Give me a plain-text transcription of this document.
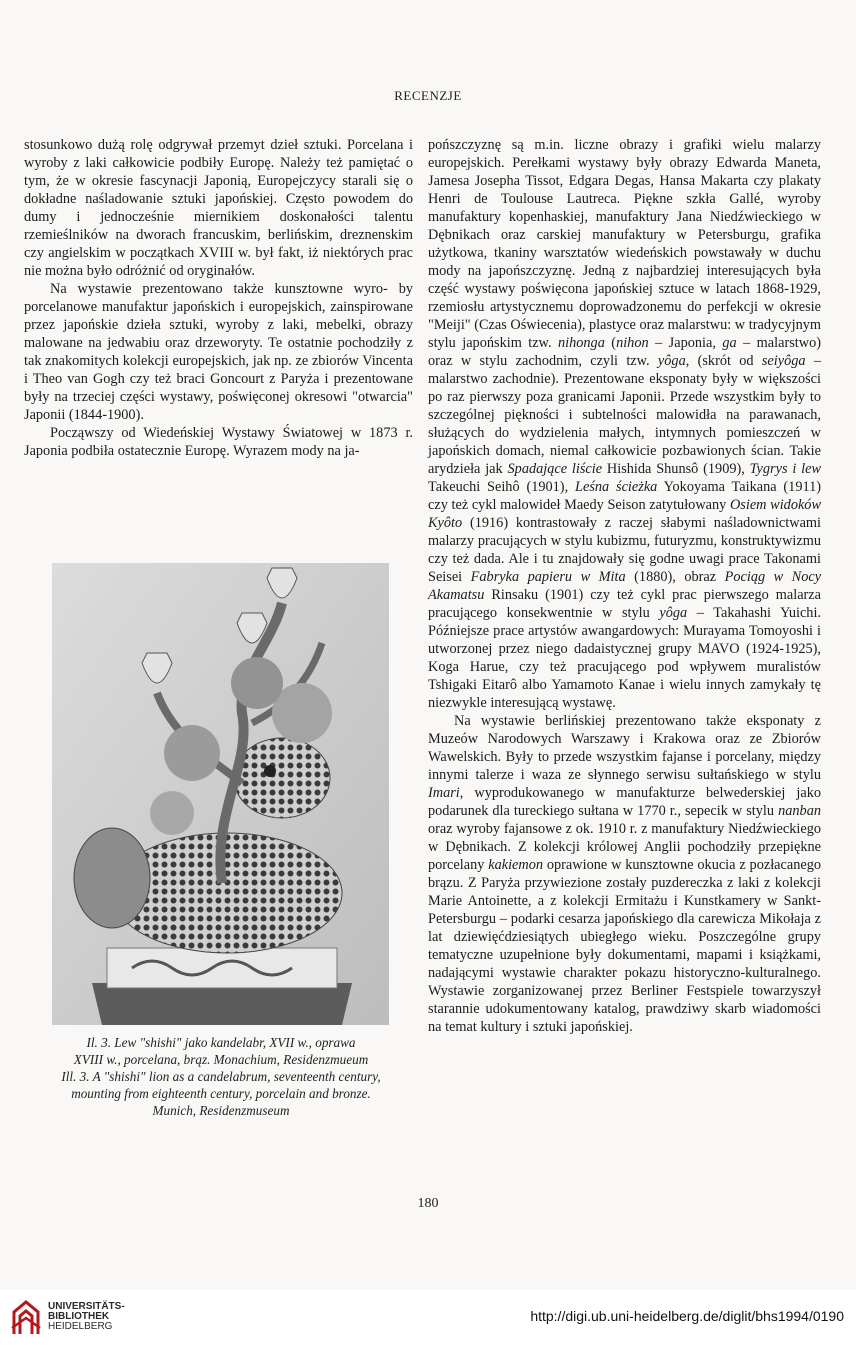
RECENZJE

stosunkowo dużą rolę odgrywał przemyt dzieł sztuki. Porcelana i wyroby z laki całkowicie podbiły Europę. Należy też pamiętać o tym, że w okresie fascynacji Japonią, Europejczycy starali się o dokładne naśladowanie sztuki japońskiej. Często powodem do dumy i jednocześnie miernikiem doskonałości talentu rzemieślników na dworach francuskim, berlińskim, dreznenskim czy angielskim w początkach XVIII w. był fakt, iż niektórych prac nie można było odróżnić od oryginałów.

Na wystawie prezentowano także kunsztowne wyro- by porcelanowe manufaktur japońskich i europejskich, zainspirowane przez japońskie dzieła sztuki, wyroby z laki, mebelki, obrazy malowane na jedwabiu oraz drzeworyty. Te ostatnie pochodziły z tak znakomitych kolekcji europejskich, jak np. ze zbiorów Vincenta i Theo van Gogh czy też braci Goncourt z Paryża i prezentowane były na trzeciej części wystawy, poświęconej okresowi "otwarcia" Japonii (1844-1900).

Począwszy od Wiedeńskiej Wystawy Światowej w 1873 r. Japonia podbiła ostatecznie Europę. Wyrazem mody na ja-

Il. 3. Lew "shishi" jako kandelabr, XVII w., oprawa
XVIII w., porcelana, brąz. Monachium, Residenzmueum
Ill. 3. A "shishi" lion as a candelabrum, seventeenth century,
mounting from eighteenth century, porcelain and bronze.
Munich, Residenzmuseum

pońszczyznę są m.in. liczne obrazy i grafiki wielu malarzy europejskich. Perełkami wystawy były obrazy Edwarda Maneta, Jamesa Josepha Tissot, Edgara Degas, Hansa Makarta czy plakaty Henri de Toulouse Lautreca. Piękne szkła Gallé, wyroby manufaktury kopenhaskiej, manufaktury Jana Niedźwieckiego w Dębnikach oraz carskiej manufaktury w Petersburgu, grafika użytkowa, tkaniny warsztatów wiedeńskich powstawały w duchu mody na japońszczyznę. Jedną z najbardziej interesujących była część wystawy poświęcona japońskiej sztuce w latach 1868-1929, rzemiosłu artystycznemu doprowadzonemu do perfekcji w okresie "Meiji" (Czas Oświecenia), plastyce oraz malarstwu: w tradycyjnym stylu japońskim tzw. nihonga (nihon – Japonia, ga – malarstwo) oraz w stylu zachodnim, czyli tzw. yôga, (skrót od seiyôga – malarstwo zachodnie). Prezentowane eksponaty były w większości po raz pierwszy poza granicami Japonii. Przede wszystkim były to szczególnej piękności i subtelności malowidła na parawanach, służących do wydzielenia małych, intymnych pomieszczeń w japońskich domach, niemal całkowicie pozbawionych ścian. Takie arydzieła jak Spadające liście Hishida Shunsô (1909), Tygrys i lew Takeuchi Seihô (1901), Leśna ścieżka Yokoyama Taikana (1911) czy też cykl malowideł Maedy Seison zatytułowany Osiem widoków Kyôto (1916) kontrastowały z raczej słabymi naśladownictwami malarzy pracujących w stylu kubizmu, futuryzmu, konstruktywizmu czy też dada. Ale i tu znajdowały się godne uwagi prace Takonami Seisei Fabryka papieru w Mita (1880), obraz Pociąg w Nocy Akamatsu Rinsaku (1901) czy też cykl prac pierwszego malarza pracującego konsekwentnie w stylu yôga – Takahashi Yuichi. Późniejsze prace artystów awangardowych: Murayama Tomoyoshi i utworzonej przez niego dadaistycznej grupy MAVO (1924-1925), Koga Harue, czy też pracującego pod wpływem muralistów Tshigaki Eitarô albo Yamamoto Kanae i wielu innych zamykały tę niezwykle interesującą wystawę.

Na wystawie berlińskiej prezentowano także eksponaty z Muzeów Narodowych Warszawy i Krakowa oraz ze Zbiorów Wawelskich. Były to przede wszystkim fajanse i porcelany, między innymi talerze i waza ze słynnego serwisu sułtańskiego w stylu Imari, wyprodukowanego w manufakturze belwederskiej jako podarunek dla tureckiego sułtana w 1770 r., sepecik w stylu nanban oraz wyroby fajansowe z ok. 1910 r. z manufaktury Niedźwieckiego w Dębnikach. Z kolekcji królowej Anglii pochodziły przepiękne porcelany kakiemon oprawione w kunsztowne okucia z pozłacanego brązu. Z Paryża przywiezione zostały puzdereczka z laki z kolekcji Marie Antoinette, a z kolekcji Ermitażu i Kunstkamery w Sankt-Petersburgu – podarki cesarza japońskiego dla carewicza Mikołaja z lat dziewięćdziesiątych ubiegłego wieku. Poszczególne grupy tematyczne uzupełnione były dokumentami, mapami i książkami, nadającymi wystawie charakter pokazu historyczno-kulturalnego. Wystawie zorganizowanej przez Berliner Festspiele towarzyszył starannie udokumentowany katalog, prawdziwy skarb wiadomości na temat kultury i sztuki japońskiej.

180
UNIVERSITÄTS-
BIBLIOTHEK
HEIDELBERG
http://digi.ub.uni-heidelberg.de/diglit/bhs1994/0190
